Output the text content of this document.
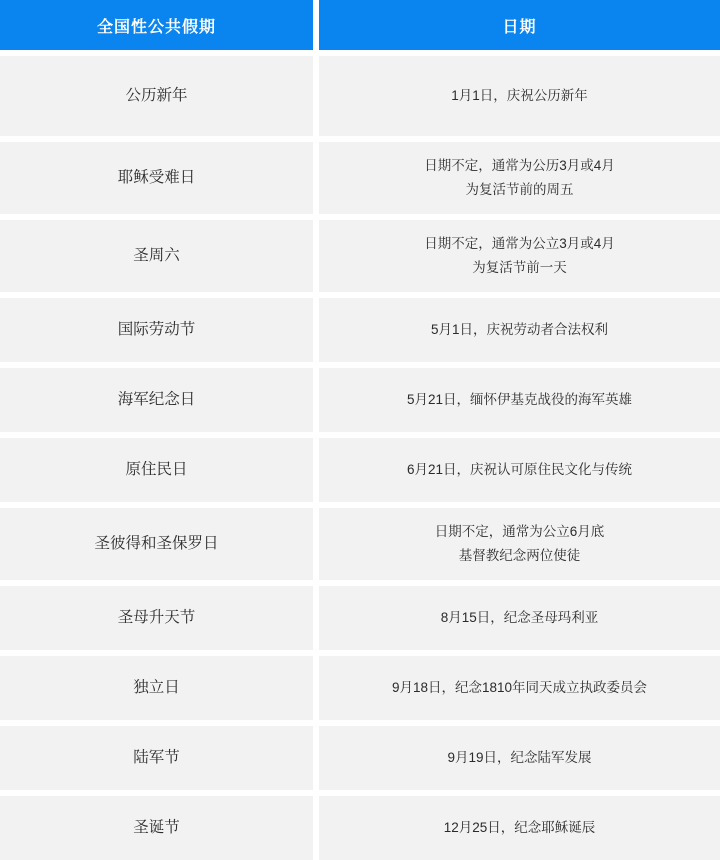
全国性公共假期		日期

公历新年		1月1日，庆祝公历新年

耶稣受难日		日期不定，通常为公历3月或4月
为复活节前的周五

圣周六		日期不定，通常为公立3月或4月
为复活节前一天

国际劳动节		5月1日，庆祝劳动者合法权利

海军纪念日		5月21日，缅怀伊基克战役的海军英雄

原住民日		6月21日，庆祝认可原住民文化与传统

圣彼得和圣保罗日		日期不定，通常为公立6月底
基督教纪念两位使徒

圣母升天节		8月15日，纪念圣母玛利亚

独立日		9月18日，纪念1810年同天成立执政委员会

陆军节		9月19日，纪念陆军发展

圣诞节		12月25日，纪念耶稣诞辰
